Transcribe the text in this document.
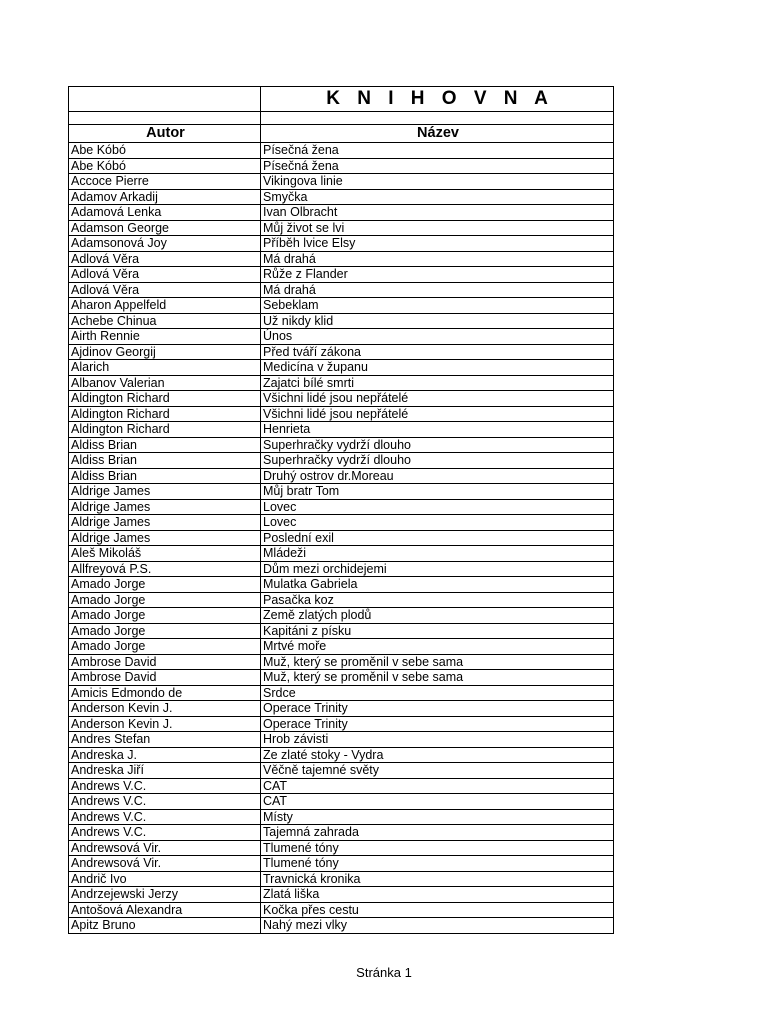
	K N I H O V N A

Autor	Název
Abe Kóbó	Písečná žena
Abe Kóbó	Písečná žena
Accoce Pierre	Vikingova linie
Adamov Arkadij	Smyčka
Adamová Lenka	Ivan Olbracht
Adamson George	Můj život se lvi
Adamsonová Joy	Příběh lvice Elsy
Adlová Věra	Má drahá
Adlová Věra	Růže z Flander
Adlová Věra	Má drahá
Aharon Appelfeld	Sebeklam
Achebe Chinua	Už nikdy klid
Airth Rennie	Únos
Ajdinov Georgij	Před tváří zákona
Alarich	Medicína v županu
Albanov Valerian	Zajatci bílé smrti
Aldington Richard	Všichni lidé jsou nepřátelé
Aldington Richard	Všichni lidé jsou nepřátelé
Aldington Richard	Henrieta
Aldiss Brian	Superhračky vydrží dlouho
Aldiss Brian	Superhračky vydrží dlouho
Aldiss Brian	Druhý ostrov dr.Moreau
Aldrige James	Můj bratr Tom
Aldrige James	Lovec
Aldrige James	Lovec
Aldrige James	Poslední exil
Aleš Mikoláš	Mládeži
Allfreyová P.S.	Dům mezi orchidejemi
Amado Jorge	Mulatka Gabriela
Amado Jorge	Pasačka koz
Amado Jorge	Země zlatých plodů
Amado Jorge	Kapitáni z písku
Amado Jorge	Mrtvé moře
Ambrose David	Muž, který se proměnil v sebe sama
Ambrose David	Muž, který se proměnil v sebe sama
Amicis Edmondo de	Srdce
Anderson Kevin J.	Operace Trinity
Anderson Kevin J.	Operace Trinity
Andres Stefan	Hrob závisti
Andreska J.	Ze zlaté stoky - Vydra
Andreska Jiří	Věčně tajemné světy
Andrews V.C.	CAT
Andrews V.C.	CAT
Andrews V.C.	Místy
Andrews V.C.	Tajemná zahrada
Andrewsová Vir.	Tlumené tóny
Andrewsová Vir.	Tlumené tóny
Andrič Ivo	Travnická kronika
Andrzejewski Jerzy	Zlatá liška
Antošová Alexandra	Kočka přes cestu
Apitz Bruno	Nahý mezi vlky
Stránka 1
